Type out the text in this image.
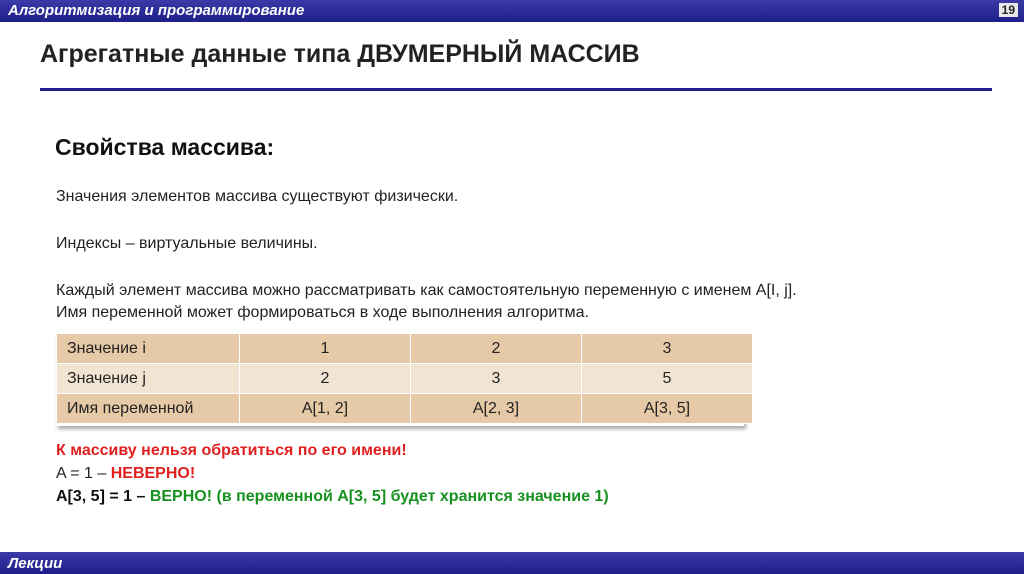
Алгоритмизация и программирование	19
Агрегатные данные типа ДВУМЕРНЫЙ МАССИВ
Свойства массива:
Значения элементов массива существуют физически.
Индексы – виртуальные величины.
Каждый элемент массива можно рассматривать как самостоятельную переменную с именем A[I, j].
Имя переменной может формироваться в ходе выполнения алгоритма.
Значение i	1	2	3
Значение j	2	3	5
Имя переменной	A[1, 2]	A[2, 3]	A[3, 5]
К массиву нельзя обратиться по его имени!
A = 1 – НЕВЕРНО!
A[3, 5] = 1 – ВЕРНО! (в переменной A[3, 5] будет хранится значение 1)
Лекции
